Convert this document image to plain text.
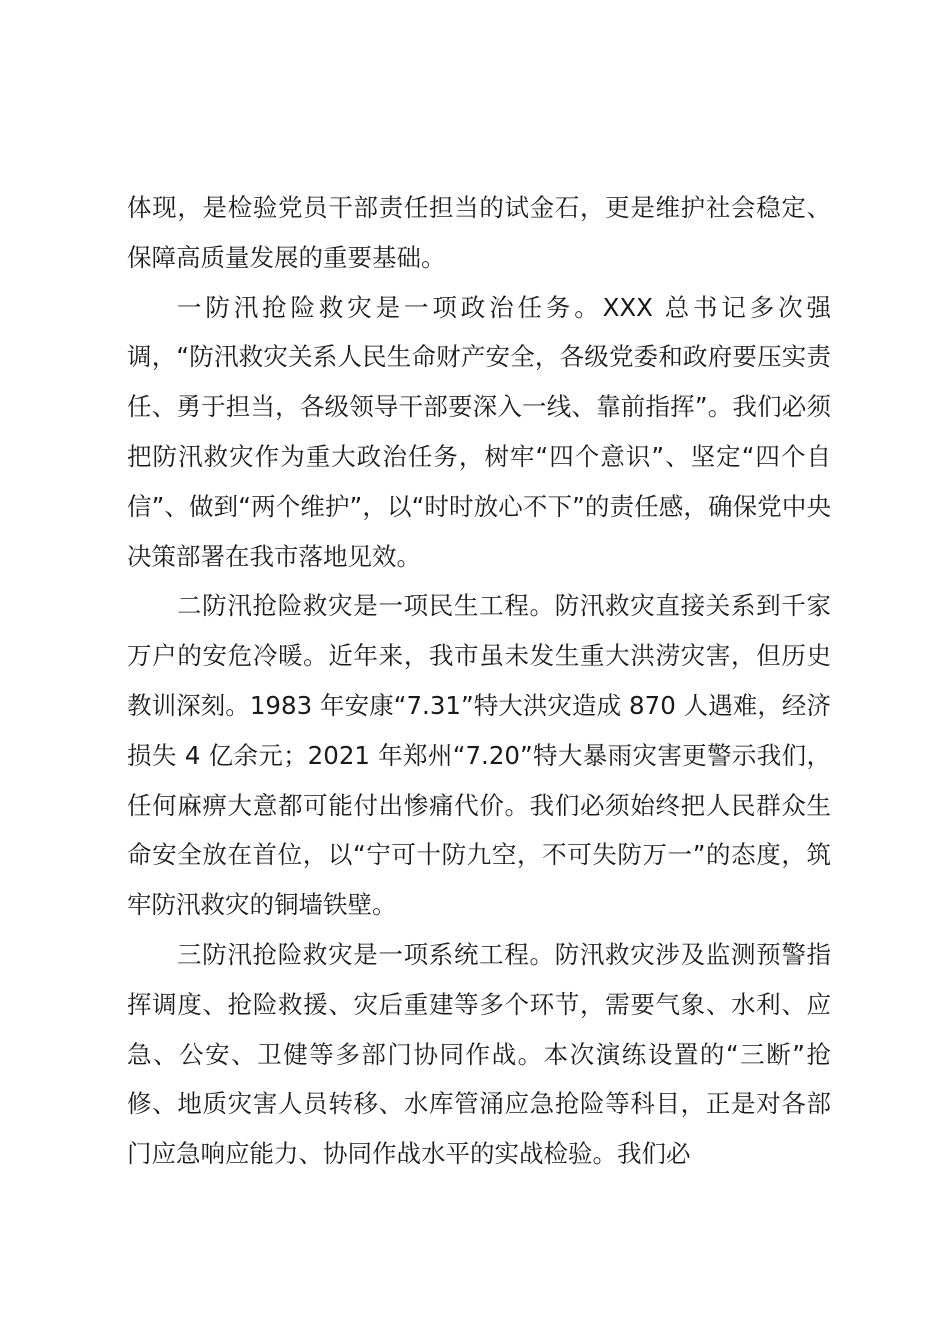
体现，是检验党员干部责任担当的试金石，更是维护社会稳定、保障高质量发展的重要基础。

一防汛抢险救灾是一项政治任务。XXX 总书记多次强调，“防汛救灾关系人民生命财产安全，各级党委和政府要压实责任、勇于担当，各级领导干部要深入一线、靠前指挥”。我们必须把防汛救灾作为重大政治任务，树牢“四个意识”、坚定“四个自信”、做到“两个维护”，以“时时放心不下”的责任感，确保党中央决策部署在我市落地见效。

二防汛抢险救灾是一项民生工程。防汛救灾直接关系到千家万户的安危冷暖。近年来，我市虽未发生重大洪涝灾害，但历史教训深刻。1983 年安康“7.31”特大洪灾造成 870 人遇难，经济损失 4 亿余元；2021 年郑州“7.20”特大暴雨灾害更警示我们，任何麻痹大意都可能付出惨痛代价。我们必须始终把人民群众生命安全放在首位，以“宁可十防九空，不可失防万一”的态度，筑牢防汛救灾的铜墙铁壁。

三防汛抢险救灾是一项系统工程。防汛救灾涉及监测预警指挥调度、抢险救援、灾后重建等多个环节，需要气象、水利、应急、公安、卫健等多部门协同作战。本次演练设置的“三断”抢修、地质灾害人员转移、水库管涌应急抢险等科目，正是对各部门应急响应能力、协同作战水平的实战检验。我们必
